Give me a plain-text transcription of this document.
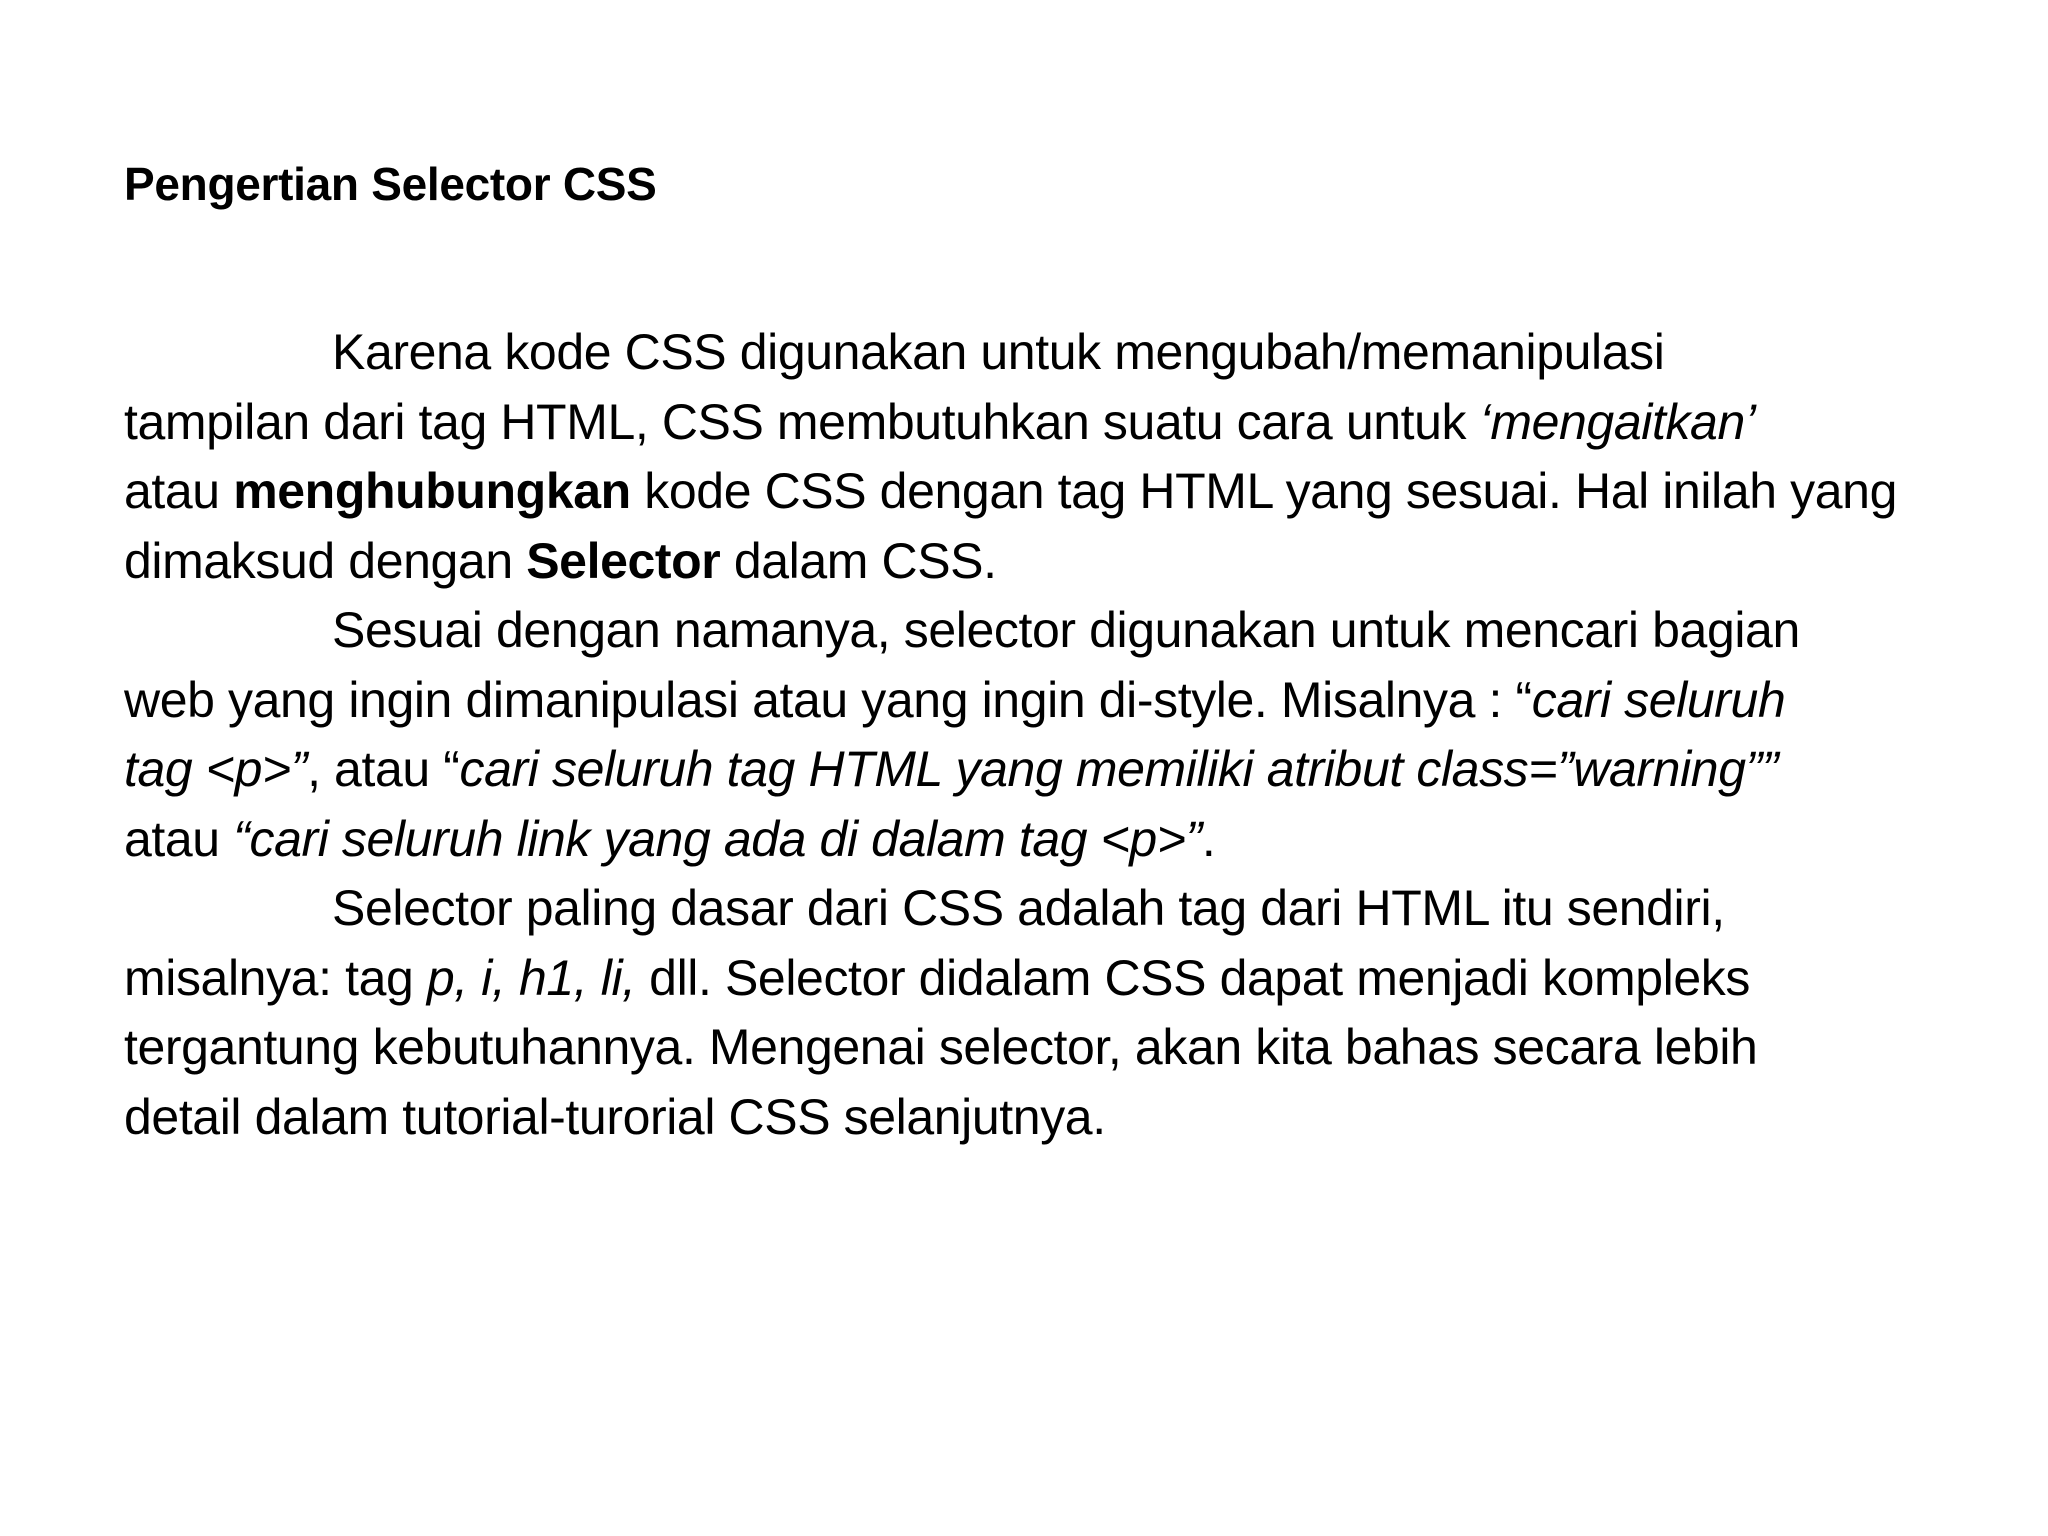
Pengertian Selector CSS
Karena kode CSS digunakan untuk mengubah/memanipulasi
tampilan dari tag HTML, CSS membutuhkan suatu cara untuk ‘mengaitkan’
atau menghubungkan kode CSS dengan tag HTML yang sesuai. Hal inilah yang
dimaksud dengan Selector dalam CSS.
Sesuai dengan namanya, selector digunakan untuk mencari bagian
web yang ingin dimanipulasi atau yang ingin di-style. Misalnya : “cari seluruh
tag <p>”, atau “cari seluruh tag HTML yang memiliki atribut class=”warning””
atau “cari seluruh link yang ada di dalam tag <p>”.
Selector paling dasar dari CSS adalah tag dari HTML itu sendiri,
misalnya: tag p, i, h1, li, dll. Selector didalam CSS dapat menjadi kompleks
tergantung kebutuhannya. Mengenai selector, akan kita bahas secara lebih
detail dalam tutorial-turorial CSS selanjutnya.
